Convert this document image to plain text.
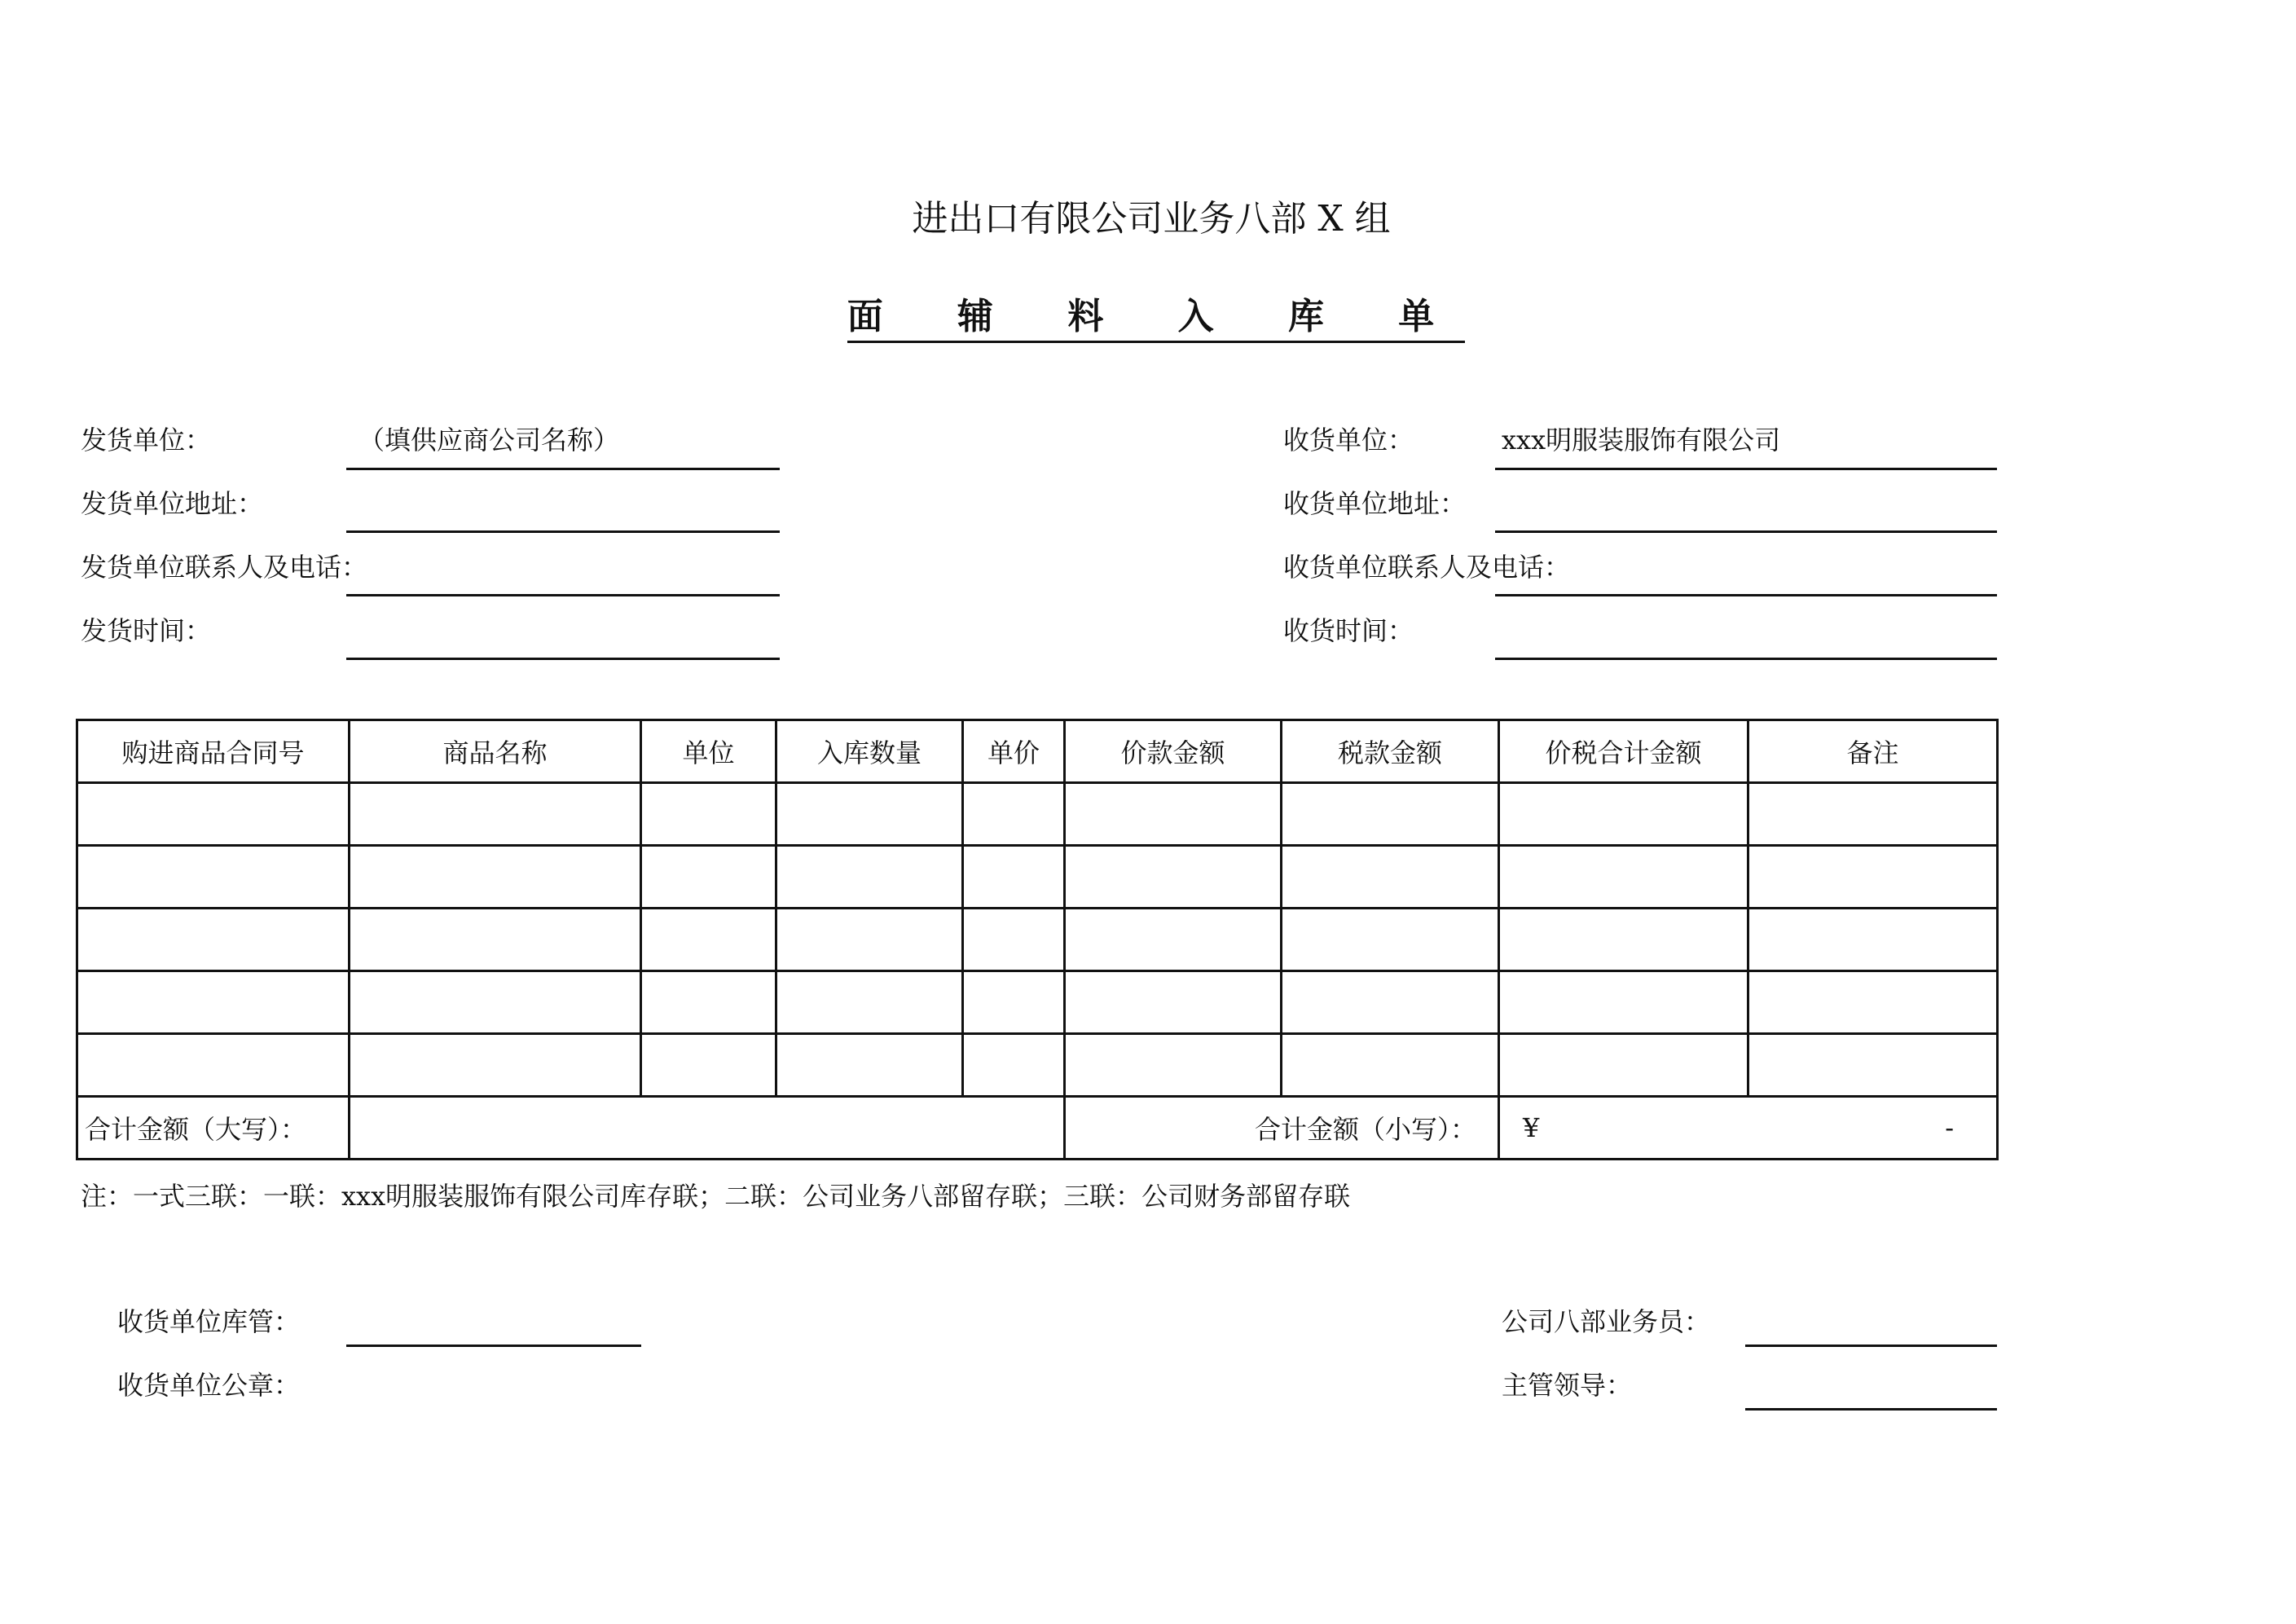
进出口有限公司业务八部 X 组
面 辅 料 入 库 单
发货单位：	（填供应商公司名称）
发货单位地址：
发货单位联系人及电话：
发货时间：
收货单位：	xxx明服装服饰有限公司
收货单位地址：
收货单位联系人及电话：
收货时间：
购进商品合同号	商品名称	单位	入库数量	单价	价款金额	税款金额	价税合计金额	备注

合计金额（大写）：					合计金额（小写）：		¥ -	
注：一式三联：一联：xxx明服装服饰有限公司库存联；二联：公司业务八部留存联；三联：公司财务部留存联
收货单位库管：
收货单位公章：
公司八部业务员：
主管领导：
